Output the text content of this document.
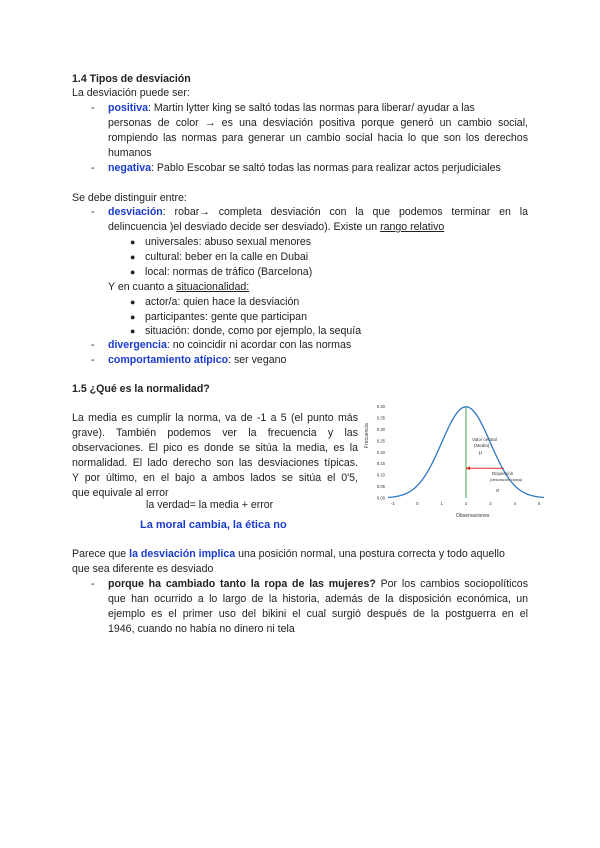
1.4 Tipos de desviación
La desviación puede ser:
- positiva: Martin lytter king se saltó todas las normas para liberar/ ayudar a las
personas de color → es una desviación positiva porque generó un cambio social,
rompiendo las normas para generar un cambio social hacia lo que son los derechos
humanos
- negativa: Pablo Escobar se saltó todas las normas para realizar actos perjudiciales
Se debe distinguir entre:
- desviación: robar→ completa desviación con la que podemos terminar en la
delincuencia )el desviado decide ser desviado). Existe un rango relativo
● universales: abuso sexual menores
● cultural: beber en la calle en Dubai
● local: normas de tráfico (Barcelona)
Y en cuanto a situacionalidad:
● actor/a: quien hace la desviación
● participantes: gente que participan
● situación: donde, como por ejemplo, la sequía
- divergencia: no coincidir ni acordar con las normas
- comportamiento atípico: ser vegano
1.5 ¿Qué es la normalidad?
La media es cumplir la norma, va de -1 a 5 (el punto más
grave). También podemos ver la frecuencia y las
observaciones. El pico es donde se sitúa la media, es la
normalidad. El lado derecho son las desviaciones típicas.
Y por último, en el bajo a ambos lados se sitúa el 0'5,
que equivale al error
la verdad= la media + error
La moral cambia, la ética no
0.00
0.05
0.10
0.15
0.20
0.25
0.30
0.35
0.40
-1	0	1	2	3	4	5
Valor central
(Media)
μ
Dispersión
(desviación típica)
σ
Frecuencia
Observaciones
Parece que la desviación implica una posición normal, una postura correcta y todo aquello
que sea diferente es desviado
- porque ha cambiado tanto la ropa de las mujeres? Por los cambios sociopolíticos
que han ocurrido a lo largo de la historia, además de la disposición económica, un
ejemplo es el primer uso del bikini el cual surgió después de la postguerra en el
1946, cuando no había no dinero ni tela
